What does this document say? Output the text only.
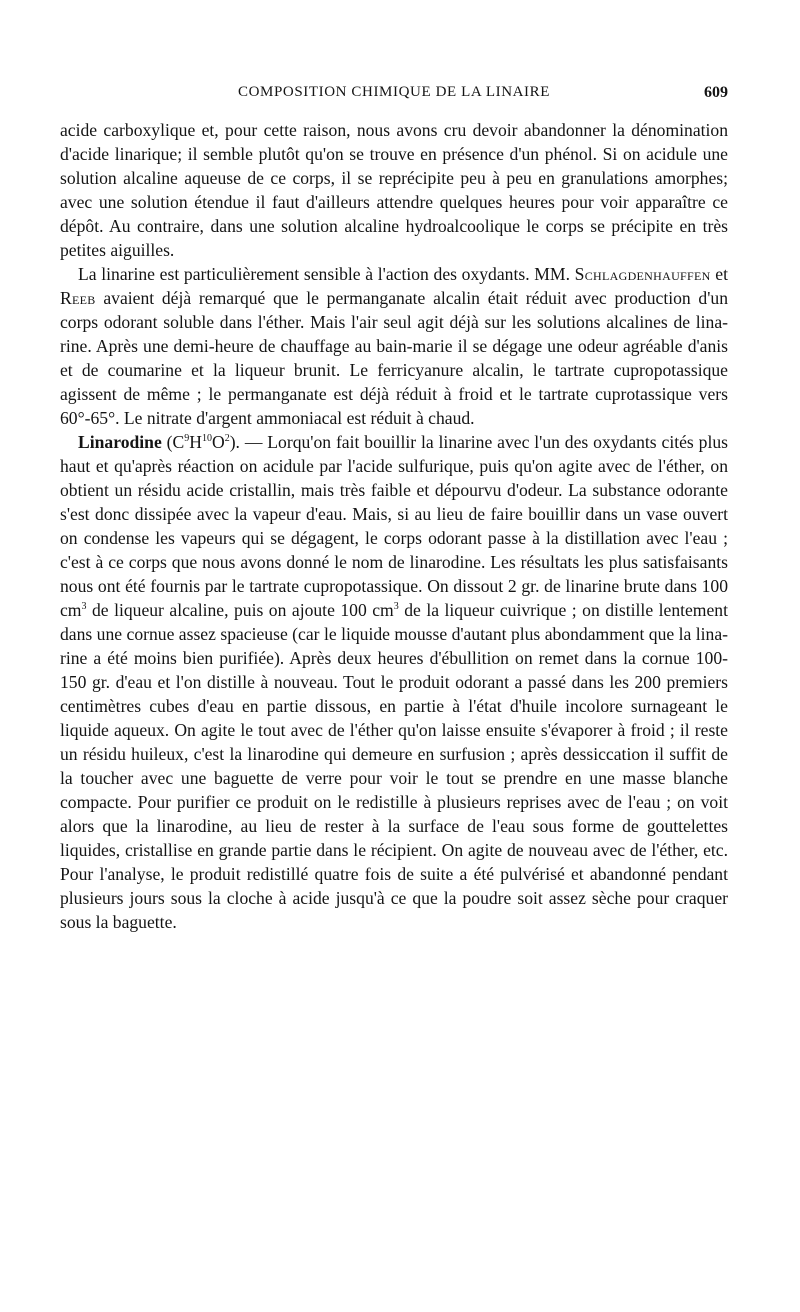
COMPOSITION CHIMIQUE DE LA LINAIRE	609

acide carboxylique et, pour cette raison, nous avons cru devoir abandonner la dénomination d'acide linarique; il semble plutôt qu'on se trouve en présence d'un phénol. Si on acidule une solution alcaline aqueuse de ce corps, il se reprécipite peu à peu en granulations amorphes; avec une solution étendue il faut d'ailleurs attendre quelques heures pour voir apparaître ce dépôt. Au contraire, dans une solution alcaline hydroalcoolique le corps se précipite en très petites aiguilles.

La linarine est particulièrement sensible à l'action des oxydants. MM. Schlagdenhauffen et Reeb avaient déjà remarqué que le permanganate alcalin était réduit avec production d'un corps odorant soluble dans l'éther. Mais l'air seul agit déjà sur les solutions alcalines de linarine. Après une demi-heure de chauffage au bain-marie il se dégage une odeur agréable d'anis et de coumarine et la liqueur brunit. Le ferricyanure alcalin, le tartrate cupropotassique agissent de même ; le permanganate est déjà réduit à froid et le tartrate cuprotassique vers 60°-65°. Le nitrate d'argent ammoniacal est réduit à chaud.

Linarodine $(C^9H^{10}O^2)$. — Lorqu'on fait bouillir la linarine avec l'un des oxydants cités plus haut et qu'après réaction on acidule par l'acide sulfurique, puis qu'on agite avec de l'éther, on obtient un résidu acide cristallin, mais très faible et dépourvu d'odeur. La substance odorante s'est donc dissipée avec la vapeur d'eau. Mais, si au lieu de faire bouillir dans un vase ouvert on condense les vapeurs qui se dégagent, le corps odorant passe à la distillation avec l'eau ; c'est à ce corps que nous avons donné le nom de linarodine. Les résultats les plus satisfaisants nous ont été fournis par le tartrate cupropotassique. On dissout 2 gr. de linarine brute dans 100 $cm^3$ de liqueur alcaline, puis on ajoute 100 $cm^3$ de la liqueur cuivrique ; on distille lentement dans une cornue assez spacieuse (car le liquide mousse d'autant plus abondamment que la linarine a été moins bien purifiée). Après deux heures d'ébullition on remet dans la cornue 100-150 gr. d'eau et l'on distille à nouveau. Tout le produit odorant a passé dans les 200 premiers centimètres cubes d'eau en partie dissous, en partie à l'état d'huile incolore surnageant le liquide aqueux. On agite le tout avec de l'éther qu'on laisse ensuite s'évaporer à froid ; il reste un résidu huileux, c'est la linarodine qui demeure en surfusion ; après dessiccation il suffit de la toucher avec une baguette de verre pour voir le tout se prendre en une masse blanche compacte. Pour purifier ce produit on le redistille à plusieurs reprises avec de l'eau ; on voit alors que la linarodine, au lieu de rester à la surface de l'eau sous forme de gouttelettes liquides, cristallise en grande partie dans le récipient. On agite de nouveau avec de l'éther, etc. Pour l'analyse, le produit redistillé quatre fois de suite a été pulvérisé et abandonné pendant plusieurs jours sous la cloche à acide jusqu'à ce que la poudre soit assez sèche pour craquer sous la baguette.
